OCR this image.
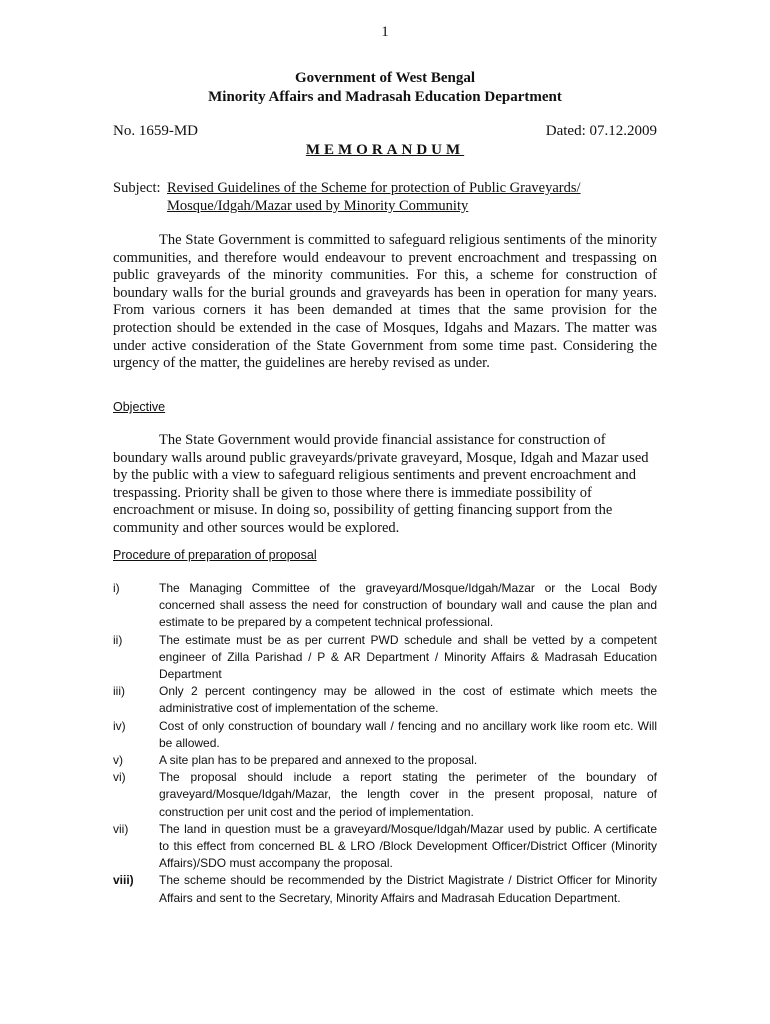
1
Government of West Bengal
Minority Affairs and Madrasah Education Department
No. 1659-MD	Dated: 07.12.2009
MEMORANDUM
Subject: Revised Guidelines of the Scheme for protection of Public Graveyards/ Mosque/Idgah/Mazar used by Minority Community

The State Government is committed to safeguard religious sentiments of the minority communities, and therefore would endeavour to prevent encroachment and trespassing on public graveyards of the minority communities. For this, a scheme for construction of boundary walls for the burial grounds and graveyards has been in operation for many years. From various corners it has been demanded at times that the same provision for the protection should be extended in the case of Mosques, Idgahs and Mazars. The matter was under active consideration of the State Government from some time past. Considering the urgency of the matter, the guidelines are hereby revised as under.

Objective

The State Government would provide financial assistance for construction of boundary walls around public graveyards/private graveyard, Mosque, Idgah and Mazar used by the public with a view to safeguard religious sentiments and prevent encroachment and trespassing. Priority shall be given to those where there is immediate possibility of encroachment or misuse. In doing so, possibility of getting financing support from the community and other sources would be explored.

Procedure of preparation of proposal
i)	The Managing Committee of the graveyard/Mosque/Idgah/Mazar or the Local Body concerned shall assess the need for construction of boundary wall and cause the plan and estimate to be prepared by a competent technical professional.
ii)	The estimate must be as per current PWD schedule and shall be vetted by a competent engineer of Zilla Parishad / P & AR Department / Minority Affairs & Madrasah Education Department
iii)	Only 2 percent contingency may be allowed in the cost of estimate which meets the administrative cost of implementation of the scheme.
iv)	Cost of only construction of boundary wall / fencing and no ancillary work like room etc. Will be allowed.
v)	A site plan has to be prepared and annexed to the proposal.
vi)	The proposal should include a report stating the perimeter of the boundary of graveyard/Mosque/Idgah/Mazar, the length cover in the present proposal, nature of construction per unit cost and the period of implementation.
vii)	The land in question must be a graveyard/Mosque/Idgah/Mazar used by public. A certificate to this effect from concerned BL & LRO /Block Development Officer/District Officer (Minority Affairs)/SDO must accompany the proposal.
viii)	The scheme should be recommended by the District Magistrate / District Officer for Minority Affairs and sent to the Secretary, Minority Affairs and Madrasah Education Department.
